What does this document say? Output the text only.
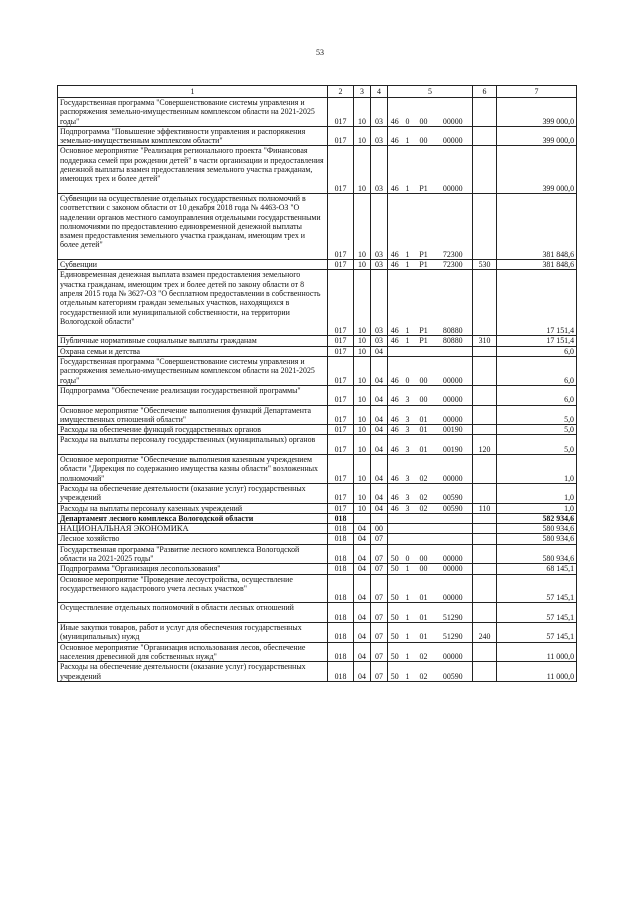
53
1	2	3	4	5				6	7
Государственная программа "Совершенствование системы управления и распоряжения земельно-имущественным комплексом области на 2021-2025 годы"	017	10	03	46	0	00	00000		399 000,0
Подпрограмма "Повышение эффективности управления и распоряжения земельно-имущественным комплексом области"	017	10	03	46	1	00	00000		399 000,0
Основное мероприятие "Реализация регионального проекта "Финансовая поддержка семей при рождении детей" в части организации и предоставления денежной выплаты взамен предоставления земельного участка гражданам, имеющих трех и более детей"	017	10	03	46	1	P1	00000		399 000,0
Субвенции на осуществление отдельных государственных полномочий в соответствии с законом области от 10 декабря 2018 года № 4463-ОЗ "О наделении органов местного самоуправления отдельными государственными полномочиями по предоставлению единовременной денежной выплаты взамен предоставления земельного участка гражданам, имеющим трех и более детей"	017	10	03	46	1	P1	72300		381 848,6
Субвенции	017	10	03	46	1	P1	72300	530	381 848,6
Единовременная денежная выплата взамен предоставления земельного участка гражданам, имеющим трех и более детей по закону области от 8 апреля 2015 года № 3627-ОЗ "О бесплатном предоставлении в собственность отдельным категориям граждан земельных участков, находящихся в государственной или муниципальной собственности, на территории Вологодской области"	017	10	03	46	1	P1	80880		17 151,4
Публичные нормативные социальные выплаты гражданам	017	10	03	46	1	P1	80880	310	17 151,4
Охрана семьи и детства	017	10	04						6,0
Государственная программа "Совершенствование системы управления и распоряжения земельно-имущественным комплексом области на 2021-2025 годы"	017	10	04	46	0	00	00000		6,0
Подпрограмма "Обеспечение реализации государственной программы"	017	10	04	46	3	00	00000		6,0
Основное мероприятие "Обеспечение выполнения функций Департамента имущественных отношений области"	017	10	04	46	3	01	00000		5,0
Расходы на обеспечение функций государственных органов	017	10	04	46	3	01	00190		5,0
Расходы на выплаты персоналу государственных (муниципальных) органов	017	10	04	46	3	01	00190	120	5,0
Основное мероприятие "Обеспечение выполнения казенным учреждением области "Дирекция по содержанию имущества казны области" возложенных полномочий"	017	10	04	46	3	02	00000		1,0
Расходы на обеспечение деятельности (оказание услуг) государственных учреждений	017	10	04	46	3	02	00590		1,0
Расходы на выплаты персоналу казенных учреждений	017	10	04	46	3	02	00590	110	1,0
Департамент лесного комплекса Вологодской области	018								582 934,6
НАЦИОНАЛЬНАЯ ЭКОНОМИКА	018	04	00						580 934,6
Лесное хозяйство	018	04	07						580 934,6
Государственная программа "Развитие лесного комплекса Вологодской области на 2021-2025 годы"	018	04	07	50	0	00	00000		580 934,6
Подпрограмма "Организация лесопользования"	018	04	07	50	1	00	00000		68 145,1
Основное мероприятие "Проведение лесоустройства, осуществление государственного кадастрового учета лесных участков"	018	04	07	50	1	01	00000		57 145,1
Осуществление отдельных полномочий в области лесных отношений	018	04	07	50	1	01	51290		57 145,1
Иные закупки товаров, работ и услуг для обеспечения государственных (муниципальных) нужд	018	04	07	50	1	01	51290	240	57 145,1
Основное мероприятие "Организация использования лесов, обеспечение населения древесиной для собственных нужд"	018	04	07	50	1	02	00000		11 000,0
Расходы на обеспечение деятельности (оказание услуг) государственных учреждений	018	04	07	50	1	02	00590		11 000,0
